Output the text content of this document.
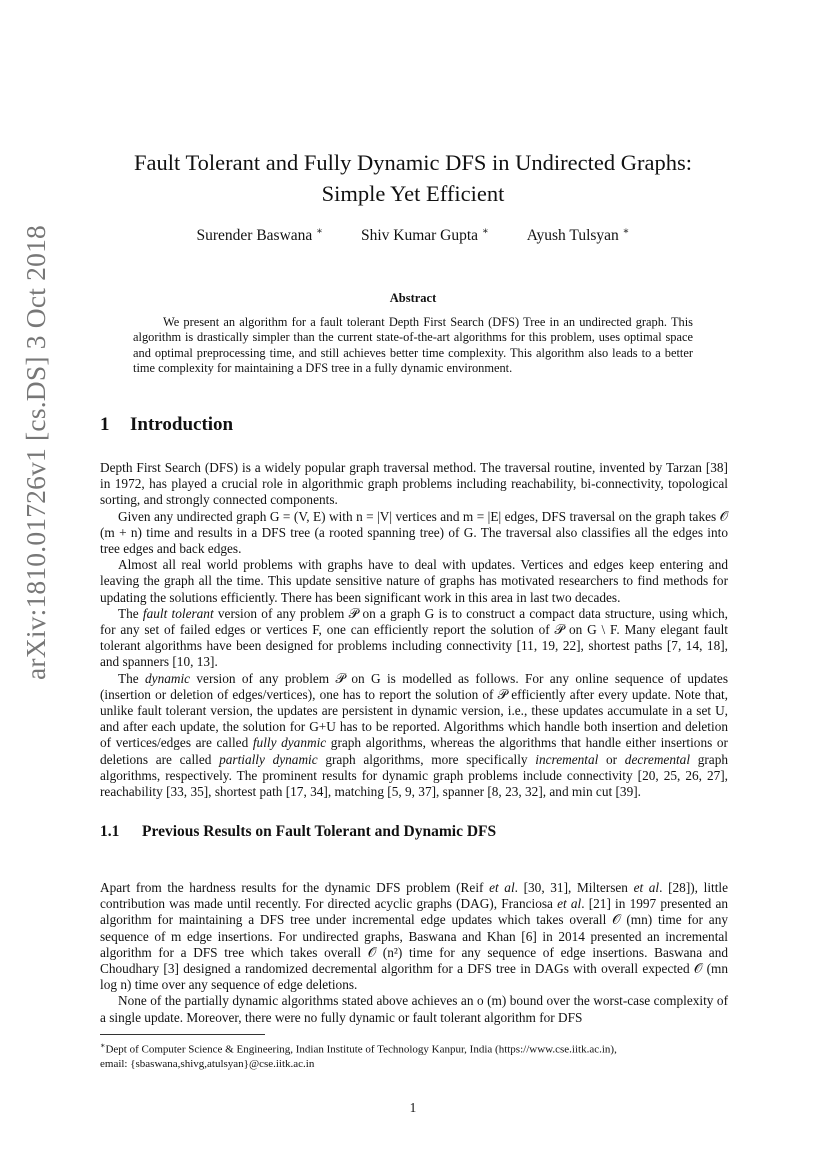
arXiv:1810.01726v1 [cs.DS] 3 Oct 2018
Fault Tolerant and Fully Dynamic DFS in Undirected Graphs:
Simple Yet Efficient
Surender Baswana ∗ Shiv Kumar Gupta ∗ Ayush Tulsyan ∗
Abstract

We present an algorithm for a fault tolerant Depth First Search (DFS) Tree in an undirected graph. This algorithm is drastically simpler than the current state-of-the-art algorithms for this problem, uses optimal space and optimal preprocessing time, and still achieves better time complexity. This algorithm also leads to a better time complexity for maintaining a DFS tree in a fully dynamic environment.

1 Introduction

Depth First Search (DFS) is a widely popular graph traversal method. The traversal routine, invented by Tarzan [38] in 1972, has played a crucial role in algorithmic graph problems including reachability, bi-connectivity, topological sorting, and strongly connected components.

Given any undirected graph G = (V, E) with n = |V| vertices and m = |E| edges, DFS traversal on the graph takes 𝒪 (m + n) time and results in a DFS tree (a rooted spanning tree) of G. The traversal also classifies all the edges into tree edges and back edges.

Almost all real world problems with graphs have to deal with updates. Vertices and edges keep entering and leaving the graph all the time. This update sensitive nature of graphs has motivated researchers to find methods for updating the solutions efficiently. There has been significant work in this area in last two decades.

The fault tolerant version of any problem 𝒫 on a graph G is to construct a compact data structure, using which, for any set of failed edges or vertices F, one can efficiently report the solution of 𝒫 on G \ F. Many elegant fault tolerant algorithms have been designed for problems including connectivity [11, 19, 22], shortest paths [7, 14, 18], and spanners [10, 13].

The dynamic version of any problem 𝒫 on G is modelled as follows. For any online sequence of updates (insertion or deletion of edges/vertices), one has to report the solution of 𝒫 efficiently after every update. Note that, unlike fault tolerant version, the updates are persistent in dynamic version, i.e., these updates accumulate in a set U, and after each update, the solution for G+U has to be reported. Algorithms which handle both insertion and deletion of vertices/edges are called fully dyanmic graph algorithms, whereas the algorithms that handle either insertions or deletions are called partially dynamic graph algorithms, more specifically incremental or decremental graph algorithms, respectively. The prominent results for dynamic graph problems include connectivity [20, 25, 26, 27], reachability [33, 35], shortest path [17, 34], matching [5, 9, 37], spanner [8, 23, 32], and min cut [39].

1.1 Previous Results on Fault Tolerant and Dynamic DFS

Apart from the hardness results for the dynamic DFS problem (Reif et al. [30, 31], Miltersen et al. [28]), little contribution was made until recently. For directed acyclic graphs (DAG), Franciosa et al. [21] in 1997 presented an algorithm for maintaining a DFS tree under incremental edge updates which takes overall 𝒪 (mn) time for any sequence of m edge insertions. For undirected graphs, Baswana and Khan [6] in 2014 presented an incremental algorithm for a DFS tree which takes overall 𝒪 (n²) time for any sequence of edge insertions. Baswana and Choudhary [3] designed a randomized decremental algorithm for a DFS tree in DAGs with overall expected 𝒪 (mn log n) time over any sequence of edge deletions.

None of the partially dynamic algorithms stated above achieves an o (m) bound over the worst-case complexity of a single update. Moreover, there were no fully dynamic or fault tolerant algorithm for DFS

∗Dept of Computer Science & Engineering, Indian Institute of Technology Kanpur, India (https://www.cse.iitk.ac.in),
email: {sbaswana,shivg,atulsyan}@cse.iitk.ac.in
1
